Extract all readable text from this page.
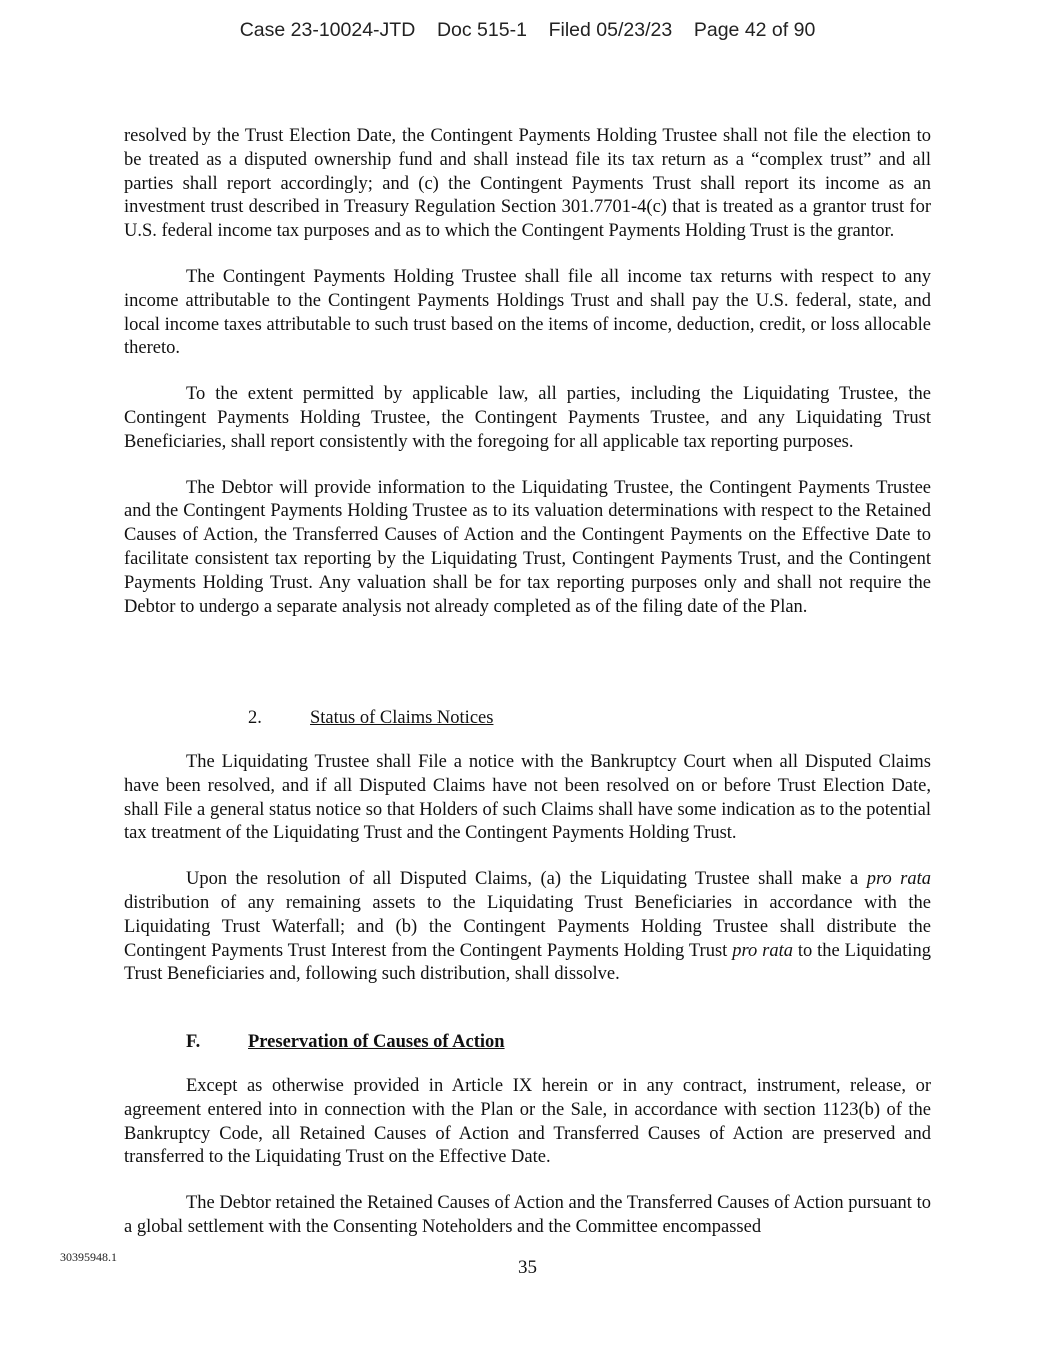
Case 23-10024-JTD    Doc 515-1    Filed 05/23/23    Page 42 of 90

resolved by the Trust Election Date, the Contingent Payments Holding Trustee shall not file the election to be treated as a disputed ownership fund and shall instead file its tax return as a “complex trust” and all parties shall report accordingly; and (c) the Contingent Payments Trust shall report its income as an investment trust described in Treasury Regulation Section 301.7701-4(c) that is treated as a grantor trust for U.S. federal income tax purposes and as to which the Contingent Payments Holding Trust is the grantor.

The Contingent Payments Holding Trustee shall file all income tax returns with respect to any income attributable to the Contingent Payments Holdings Trust and shall pay the U.S. federal, state, and local income taxes attributable to such trust based on the items of income, deduction, credit, or loss allocable thereto.

To the extent permitted by applicable law, all parties, including the Liquidating Trustee, the Contingent Payments Holding Trustee, the Contingent Payments Trustee, and any Liquidating Trust Beneficiaries, shall report consistently with the foregoing for all applicable tax reporting purposes.

The Debtor will provide information to the Liquidating Trustee, the Contingent Payments Trustee and the Contingent Payments Holding Trustee as to its valuation determinations with respect to the Retained Causes of Action, the Transferred Causes of Action and the Contingent Payments on the Effective Date to facilitate consistent tax reporting by the Liquidating Trust, Contingent Payments Trust, and the Contingent Payments Holding Trust. Any valuation shall be for tax reporting purposes only and shall not require the Debtor to undergo a separate analysis not already completed as of the filing date of the Plan.

2.	Status of Claims Notices

The Liquidating Trustee shall File a notice with the Bankruptcy Court when all Disputed Claims have been resolved, and if all Disputed Claims have not been resolved on or before Trust Election Date, shall File a general status notice so that Holders of such Claims shall have some indication as to the potential tax treatment of the Liquidating Trust and the Contingent Payments Holding Trust.

Upon the resolution of all Disputed Claims, (a) the Liquidating Trustee shall make a pro rata distribution of any remaining assets to the Liquidating Trust Beneficiaries in accordance with the Liquidating Trust Waterfall; and (b) the Contingent Payments Holding Trustee shall distribute the Contingent Payments Trust Interest from the Contingent Payments Holding Trust pro rata to the Liquidating Trust Beneficiaries and, following such distribution, shall dissolve.

F.	Preservation of Causes of Action

Except as otherwise provided in Article IX herein or in any contract, instrument, release, or agreement entered into in connection with the Plan or the Sale, in accordance with section 1123(b) of the Bankruptcy Code, all Retained Causes of Action and Transferred Causes of Action are preserved and transferred to the Liquidating Trust on the Effective Date.

The Debtor retained the Retained Causes of Action and the Transferred Causes of Action pursuant to a global settlement with the Consenting Noteholders and the Committee encompassed

30395948.1	35
